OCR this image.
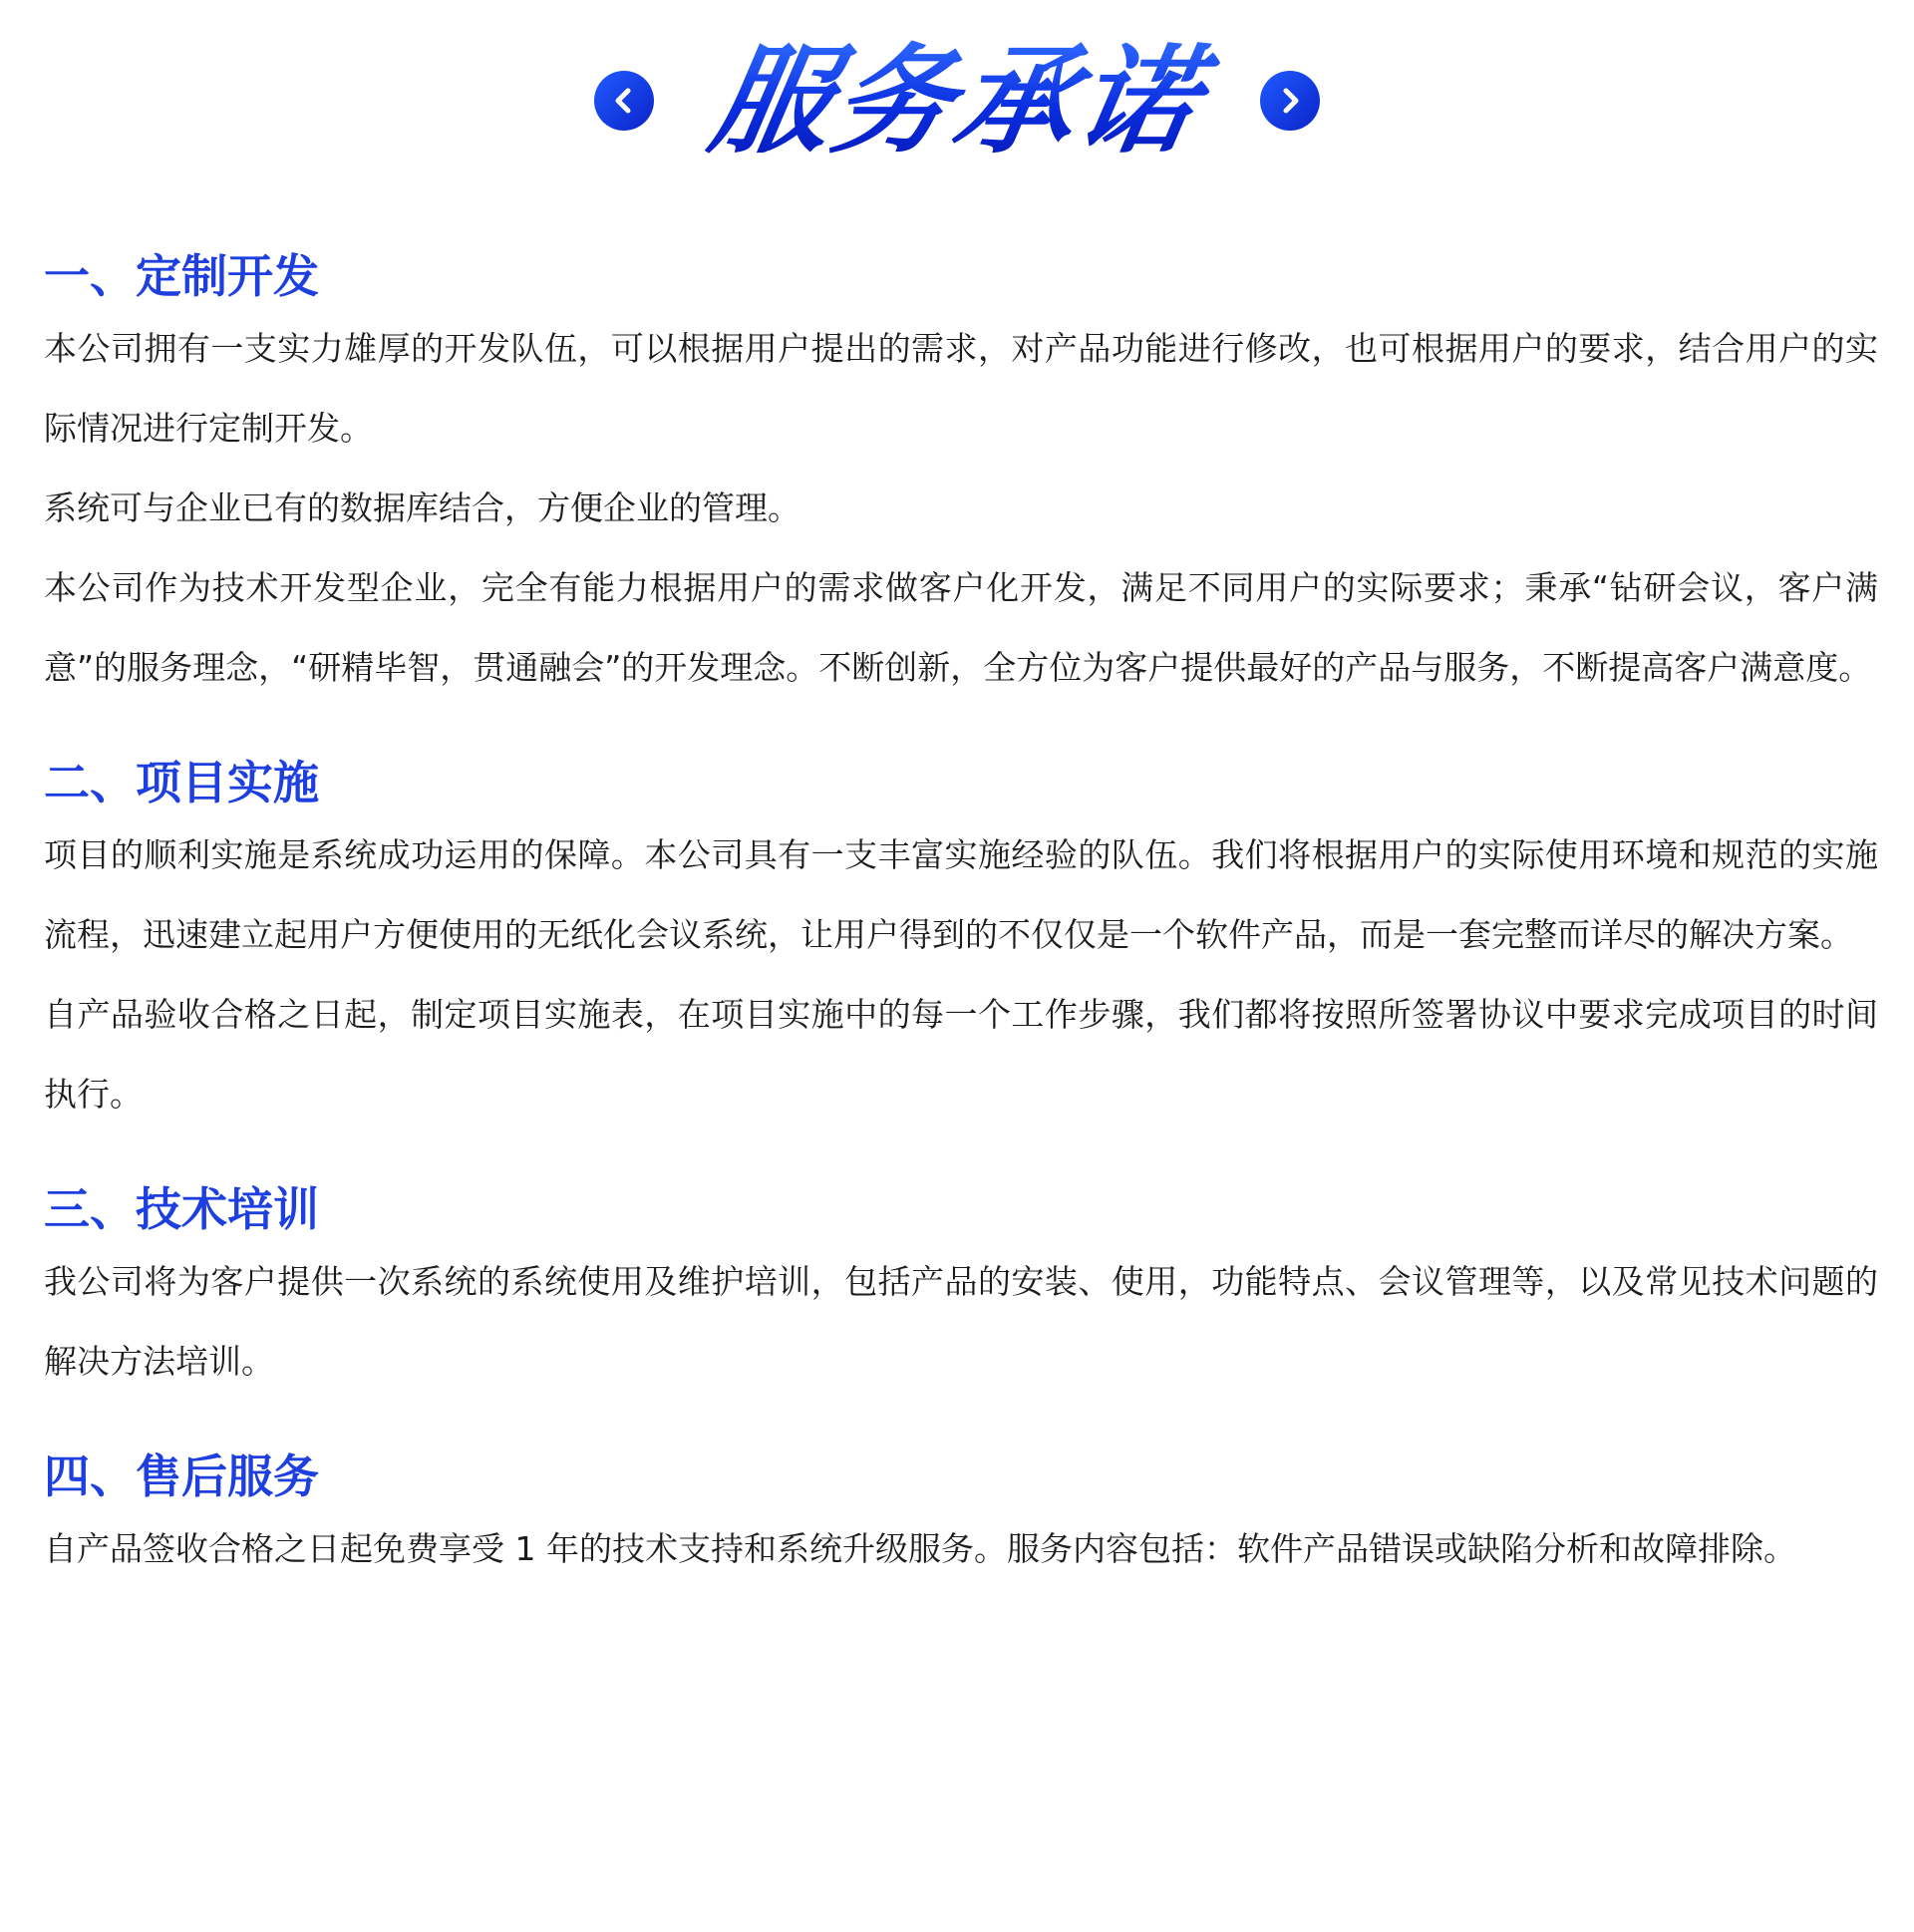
服务承诺
一、定制开发

本公司拥有一支实力雄厚的开发队伍，可以根据用户提出的需求，对产品功能进行修改，也可根据用户的要求，结合用户的实际情况进行定制开发。

系统可与企业已有的数据库结合，方便企业的管理。

本公司作为技术开发型企业，完全有能力根据用户的需求做客户化开发，满足不同用户的实际要求；秉承“钻研会议，客户满意”的服务理念，“研精毕智，贯通融会”的开发理念。不断创新，全方位为客户提供最好的产品与服务，不断提高客户满意度。

二、项目实施

项目的顺利实施是系统成功运用的保障。本公司具有一支丰富实施经验的队伍。我们将根据用户的实际使用环境和规范的实施流程，迅速建立起用户方便使用的无纸化会议系统，让用户得到的不仅仅是一个软件产品，而是一套完整而详尽的解决方案。

自产品验收合格之日起，制定项目实施表，在项目实施中的每一个工作步骤，我们都将按照所签署协议中要求完成项目的时间执行。

三、技术培训

我公司将为客户提供一次系统的系统使用及维护培训，包括产品的安装、使用，功能特点、会议管理等，以及常见技术问题的解决方法培训。

四、售后服务

自产品签收合格之日起免费享受 1 年的技术支持和系统升级服务。服务内容包括：软件产品错误或缺陷分析和故障排除。
